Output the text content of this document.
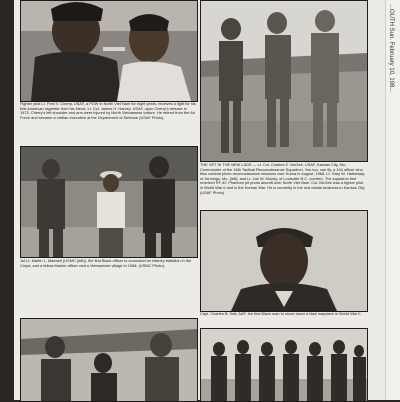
Fighter pilot Lt. Fred V. Cherry, USAF, a POW in North Viet Nam for eight years, receives a light for his first American cigarette from his friend, Lt. Col. James H. Harvey. USAF, upon Cherry's release in 1973. Cherry's left shoulder and arm were injured by North Vietnamese torture. He retired from the Air Force and became a civilian executive at the Department of Defense (USAF Photo).
THE VET IN THE NEW LADS — Lt. Col. Charles E. McGee, USAF, Kansas City, Mo., Commander of the 16th Tactical Reconnaissance Squadron. You too, can fly, a 104 officer who flew combat photo reconnaissance missions over Korea in August, 1968, Lt. Gary W. Hatheway, of Jennings, Mo. (left), and Lt. Joe W. Moody, of Louisville N.C. (center). The squadron first received RF-4C Phantom jet photo aircraft over North Viet Nam. Col. McGee was a fighter pilot in World War II and in the Korean War. He is currently in the real estate business in Kansas City. (USAF Photo).
1st Lt. Martin L. Maxwell (USMC (left)), the first Black officer to command an infantry battalion in the Corps, and a fellow Marine officer visit a Vietnamese village in 1968. (USMC Photo).
Capt. Charles B. Hall, AAF, the first Black man to shoot down a Nazi warplane in World War II.
...OUTH Sun. February 10, 198...
